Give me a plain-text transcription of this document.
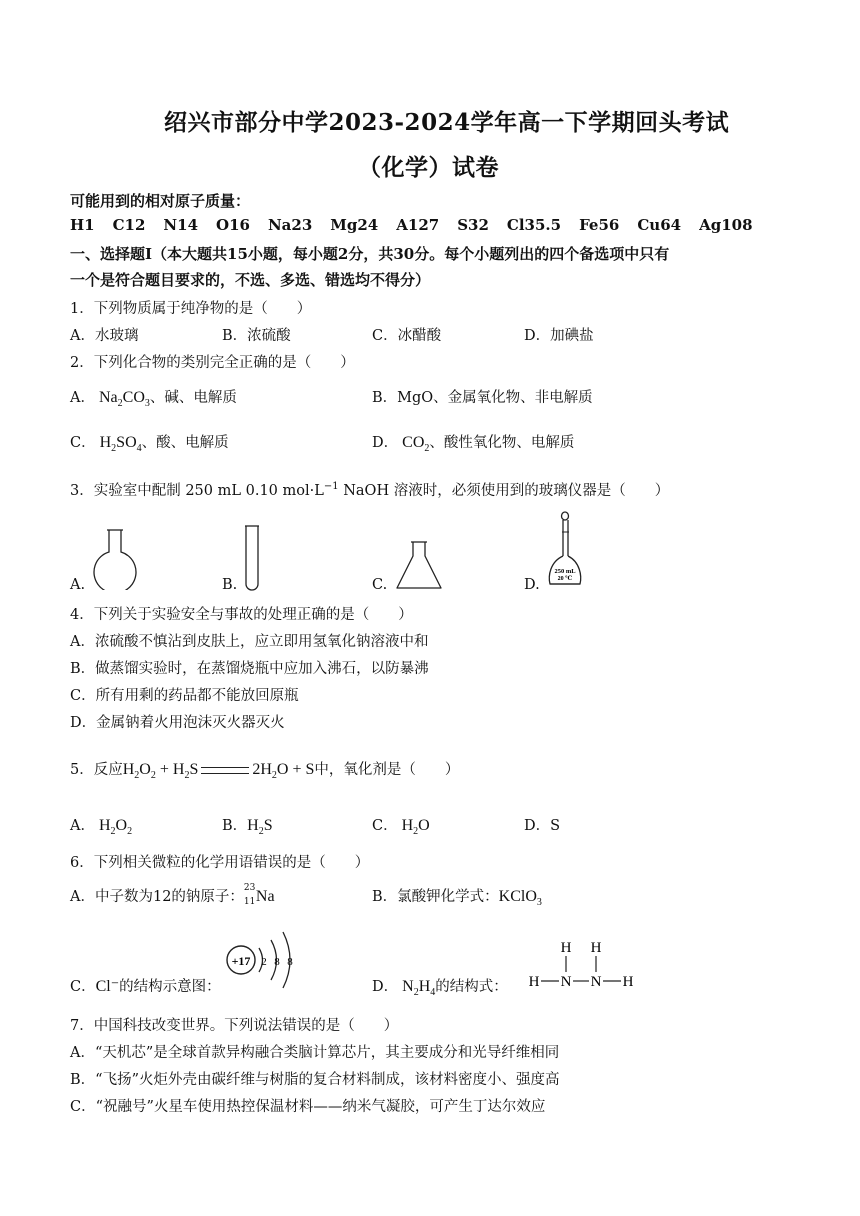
绍兴市部分中学2023-2024学年高一下学期回头考试
（化学）试卷
可能用到的相对原子质量：
H1 C12 N14 O16 Na23 Mg24 A127 S32 Cl35.5 Fe56 Cu64 Ag108
一、选择题Ⅰ（本大题共15小题，每小题2分，共30分。每个小题列出的四个备选项中只有
一个是符合题目要求的，不选、多选、错选均不得分）
1．下列物质属于纯净物的是（　　）
A．水玻璃	B．浓硫酸	C．冰醋酸	D．加碘盐
2．下列化合物的类别完全正确的是（　　）
A． $Na_2CO_3$、碱、电解质	B．MgO、金属氧化物、非电解质
C． $H_2SO_4$、酸、电解质	D． $CO_2$、酸性氧化物、电解质
3．实验室中配制 250 mL 0.10 $mol\cdot L^{-1}$ NaOH 溶液时，必须使用到的玻璃仪器是（　　）
A.	B.	C.	D.
250 mL
20 ℃
4．下列关于实验安全与事故的处理正确的是（　　）
A．浓硫酸不慎沾到皮肤上，应立即用氢氧化钠溶液中和
B．做蒸馏实验时，在蒸馏烧瓶中应加入沸石，以防暴沸
C．所有用剩的药品都不能放回原瓶
D．金属钠着火用泡沫灭火器灭火
5．反应$H_2O_2 + H_2S$	$2H_2O + S$中，氧化剂是（　　）
A． $H_2O_2$	B．$H_2S$	C． $H_2O$	D．S
6．下列相关微粒的化学用语错误的是（　　）
A．中子数为12的钠原子：
23
11 Na	B．氯酸钾化学式：KClO$_3$
C．Cl⁻的结构示意图：
+17 2 8 8
D． $N_2H_4$的结构式：
H H
H N N H
7．中国科技改变世界。下列说法错误的是（　　）
A．“天机芯”是全球首款异构融合类脑计算芯片，其主要成分和光导纤维相同
B．“飞扬”火炬外壳由碳纤维与树脂的复合材料制成，该材料密度小、强度高
C．“祝融号”火星车使用热控保温材料——纳米气凝胶，可产生丁达尔效应
